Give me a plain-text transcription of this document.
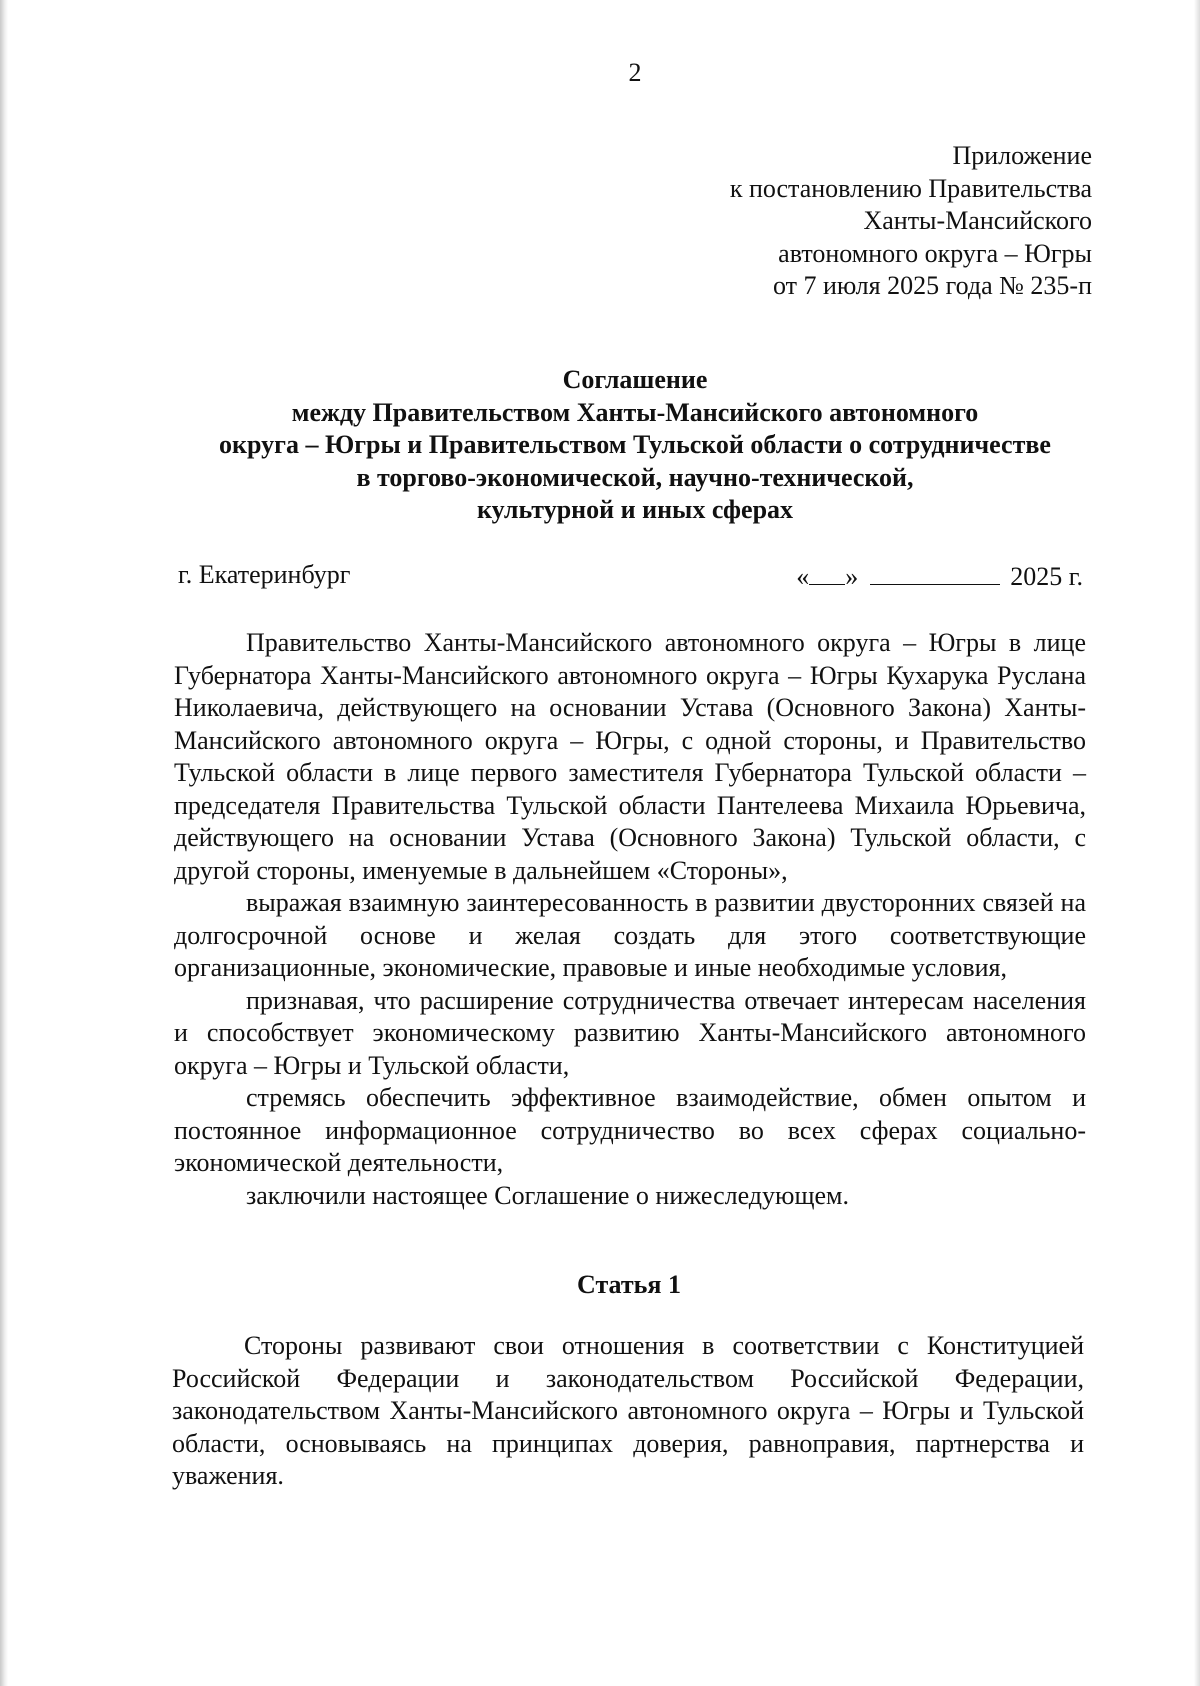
2
Приложение
к постановлению Правительства
Ханты-Мансийского
автономного округа – Югры
от 7 июля 2025 года № 235-п
Соглашение
между Правительством Ханты-Мансийского автономного
округа – Югры и Правительством Тульской области о сотрудничестве
в торгово-экономической, научно-технической,
культурной и иных сферах
г. Екатеринбург	« »	2025 г.

Правительство Ханты-Мансийского автономного округа – Югры в лице Губернатора Ханты-Мансийского автономного округа – Югры Кухарука Руслана Николаевича, действующего на основании Устава (Основного Закона) Ханты-Мансийского автономного округа – Югры, с одной стороны, и Правительство Тульской области в лице первого заместителя Губернатора Тульской области – председателя Правительства Тульской области Пантелеева Михаила Юрьевича, действующего на основании Устава (Основного Закона) Тульской области, с другой стороны, именуемые в дальнейшем «Стороны»,

выражая взаимную заинтересованность в развитии двусторонних связей на долгосрочной основе и желая создать для этого соответствующие организационные, экономические, правовые и иные необходимые условия,

признавая, что расширение сотрудничества отвечает интересам населения и способствует экономическому развитию Ханты-Мансийского автономного округа – Югры и Тульской области,

стремясь обеспечить эффективное взаимодействие, обмен опытом и постоянное информационное сотрудничество во всех сферах социально-экономической деятельности,

заключили настоящее Соглашение о нижеследующем.

Статья 1

Стороны развивают свои отношения в соответствии с Конституцией Российской Федерации и законодательством Российской Федерации, законодательством Ханты-Мансийского автономного округа – Югры и Тульской области, основываясь на принципах доверия, равноправия, партнерства и уважения.
